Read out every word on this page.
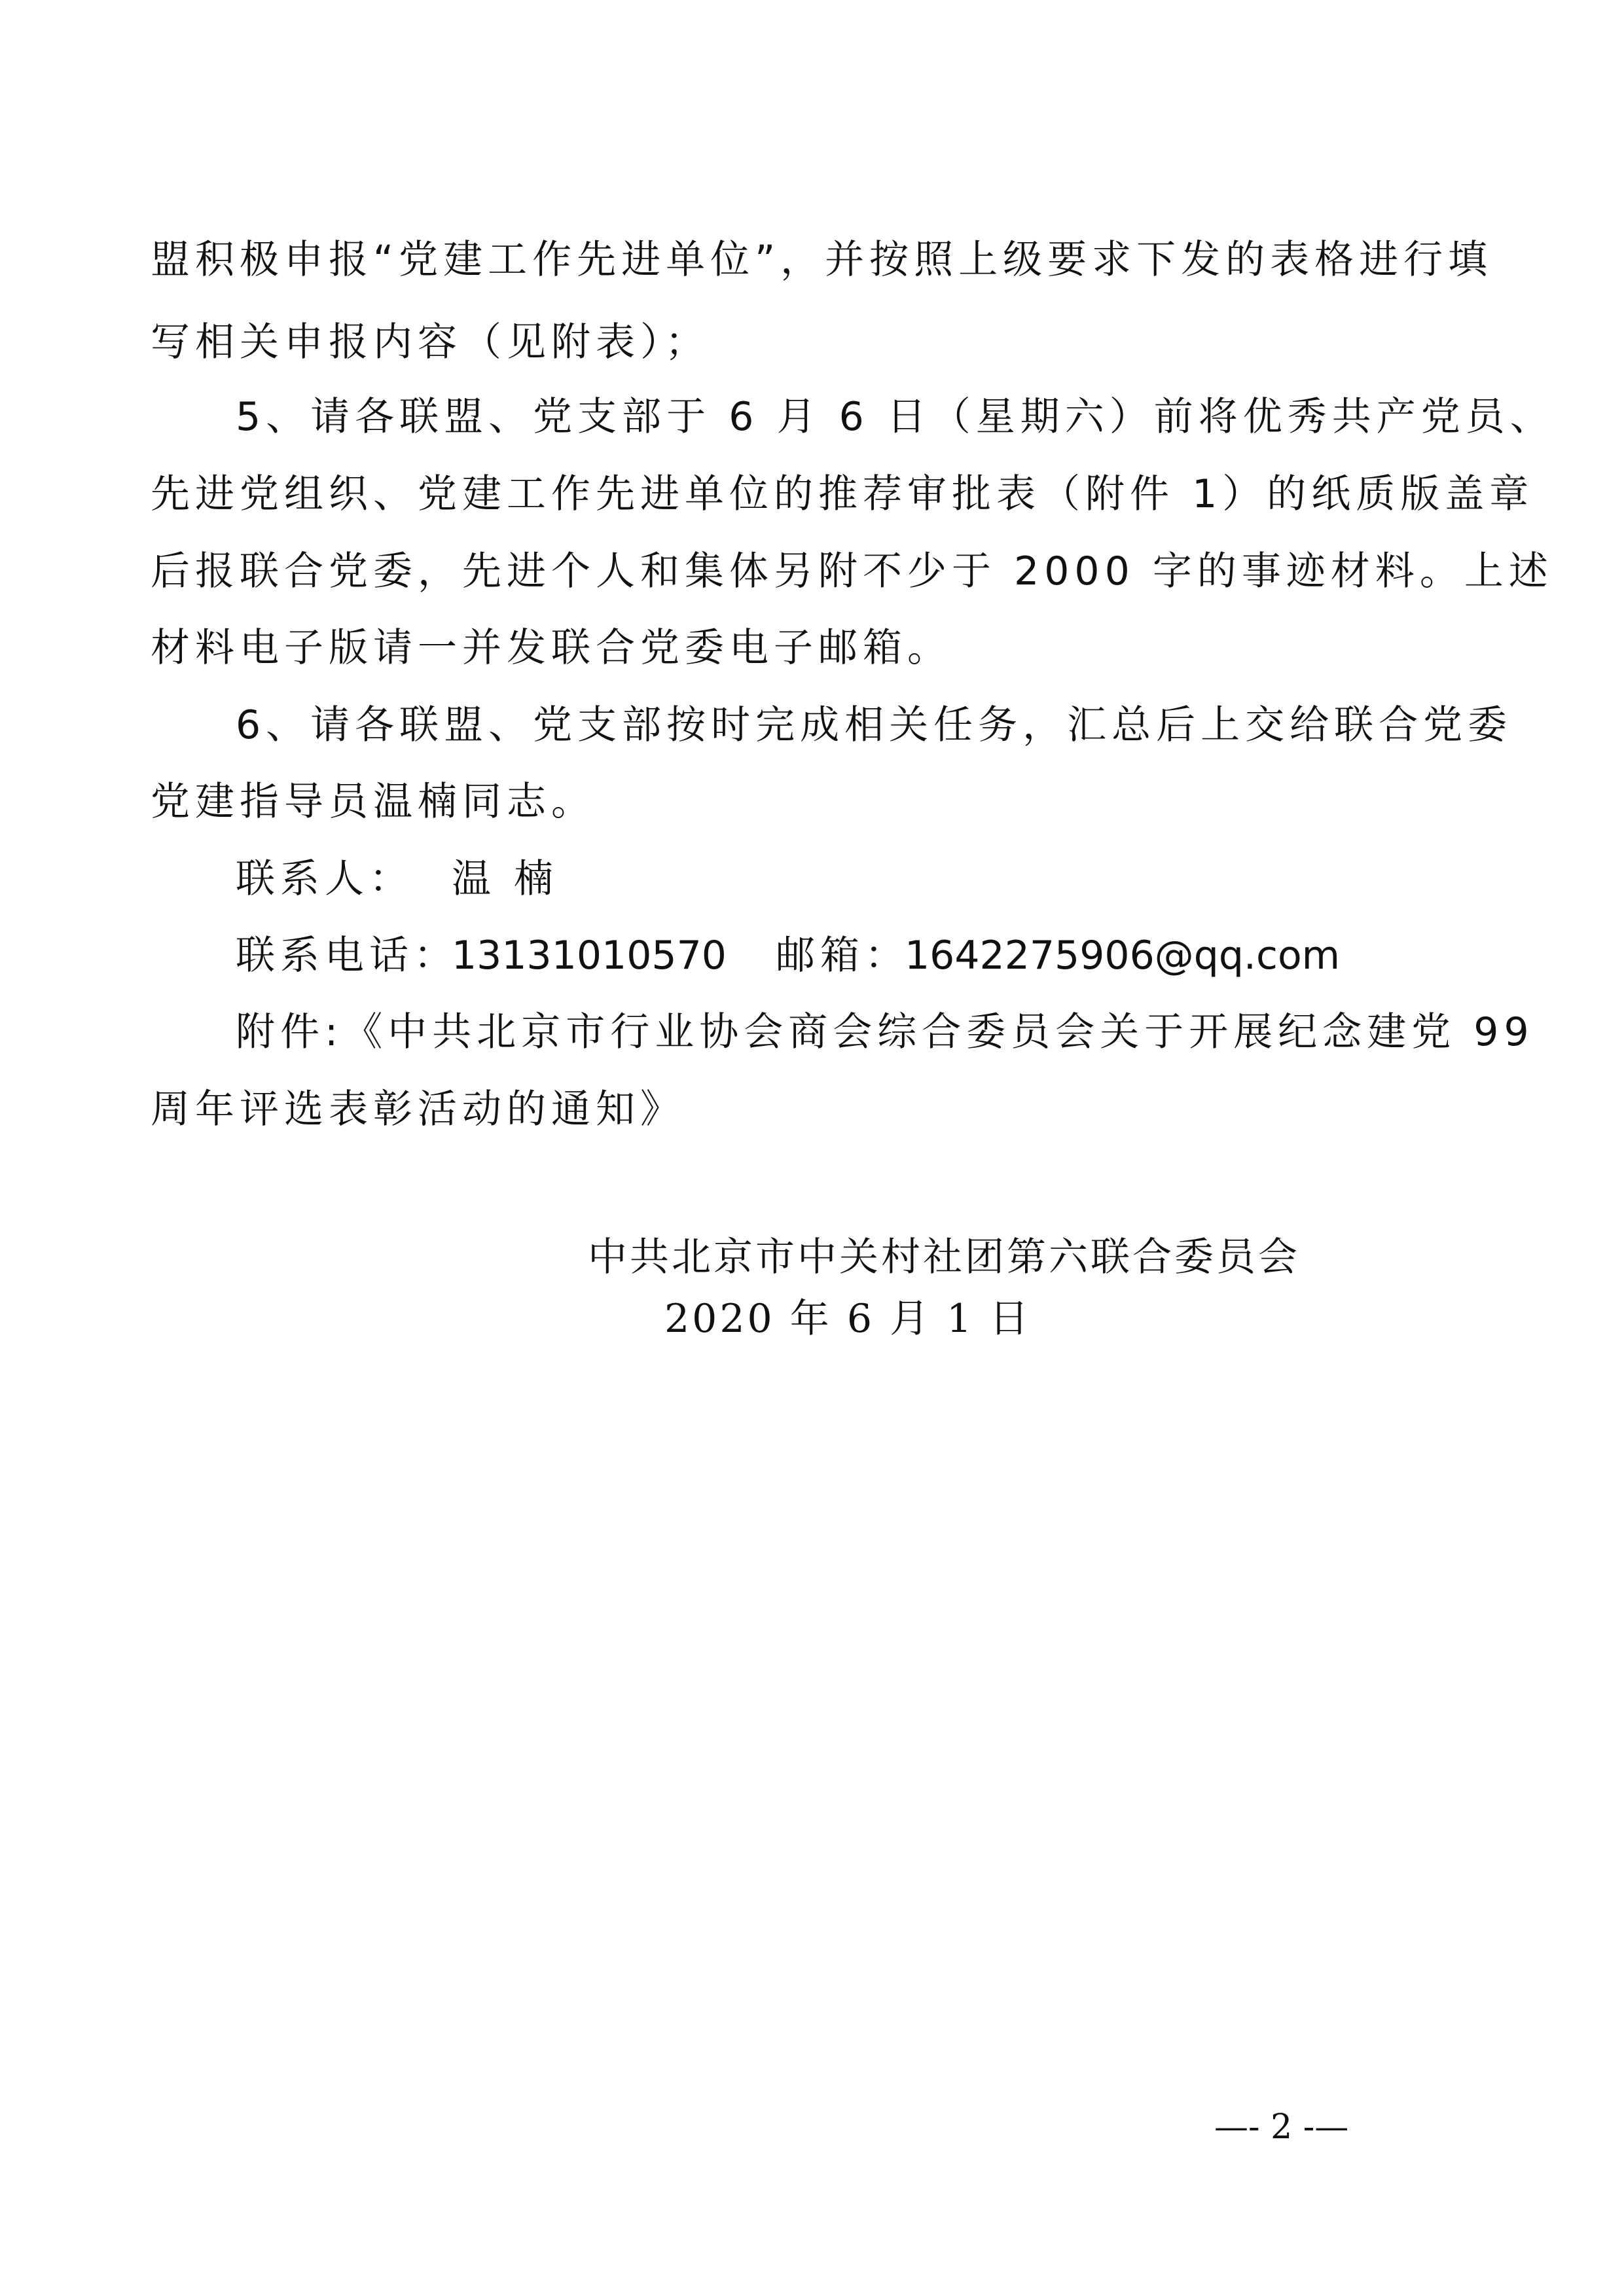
盟积极申报“党建工作先进单位”，并按照上级要求下发的表格进行填
写相关申报内容（见附表）；
5、请各联盟、党支部于 6 月 6 日（星期六）前将优秀共产党员、
先进党组织、党建工作先进单位的推荐审批表（附件 1）的纸质版盖章
后报联合党委，先进个人和集体另附不少于 2000 字的事迹材料。上述
材料电子版请一并发联合党委电子邮箱。
6、请各联盟、党支部按时完成相关任务，汇总后上交给联合党委
党建指导员温楠同志。
联系人： 温 楠
联系电话：
13131010570 邮箱：
1642275906@qq.com
附件:《中共北京市行业协会商会综合委员会关于开展纪念建党 99
周年评选表彰活动的通知》
中共北京市中关村社团第六联合委员会
2020 年 6 月 1 日
—- 2 -—
